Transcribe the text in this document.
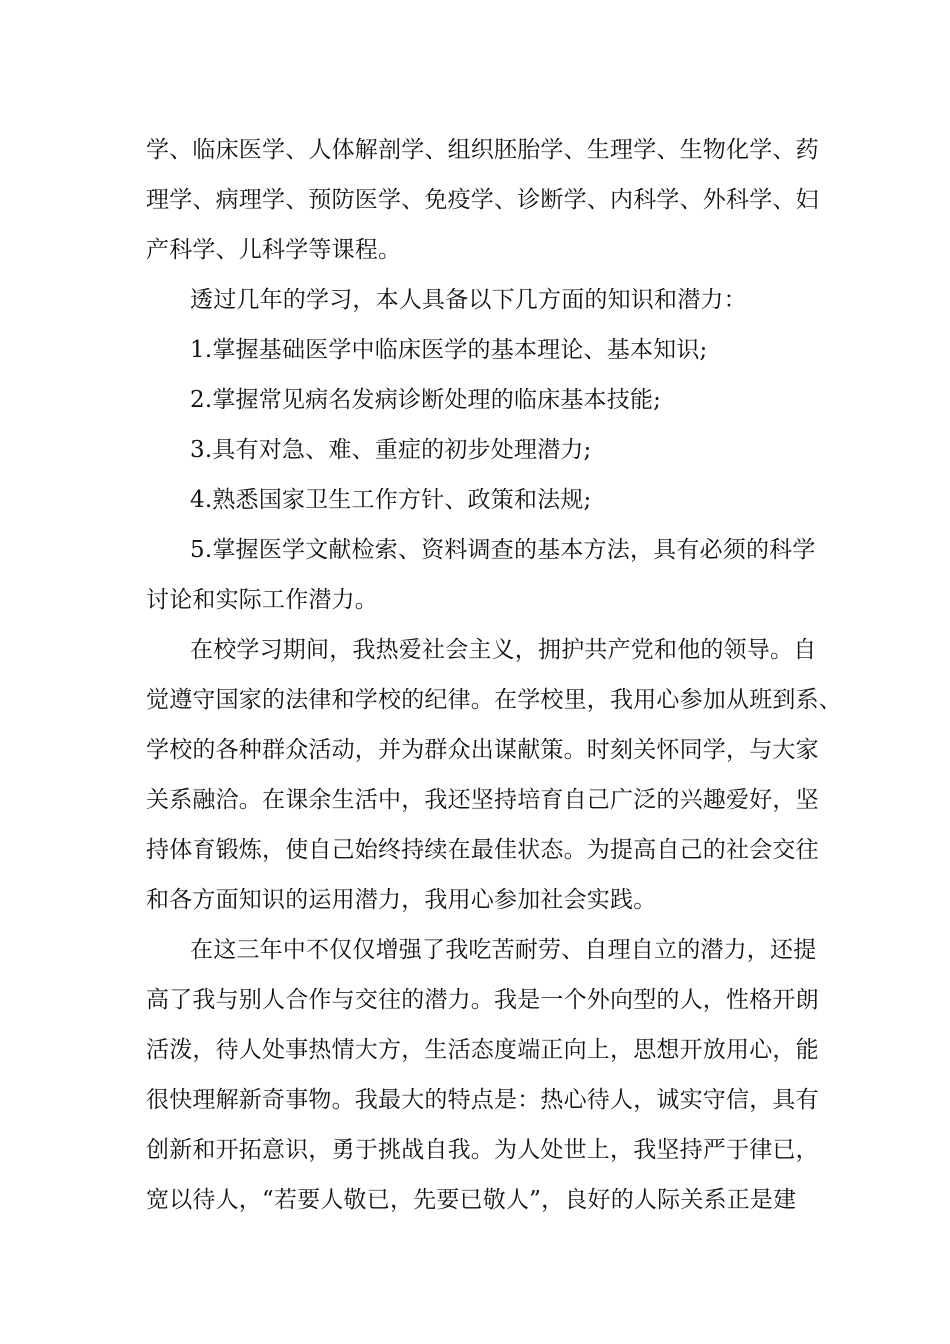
学、临床医学、人体解剖学、组织胚胎学、生理学、生物化学、药
理学、病理学、预防医学、免疫学、诊断学、内科学、外科学、妇
产科学、儿科学等课程。
透过几年的学习，本人具备以下几方面的知识和潜力：
1.掌握基础医学中临床医学的基本理论、基本知识;
2.掌握常见病名发病诊断处理的临床基本技能;
3.具有对急、难、重症的初步处理潜力;
4.熟悉国家卫生工作方针、政策和法规;
5.掌握医学文献检索、资料调查的基本方法，具有必须的科学
讨论和实际工作潜力。
在校学习期间，我热爱社会主义，拥护共产党和他的领导。自
觉遵守国家的法律和学校的纪律。在学校里，我用心参加从班到系、
学校的各种群众活动，并为群众出谋献策。时刻关怀同学，与大家
关系融洽。在课余生活中，我还坚持培育自己广泛的兴趣爱好，坚
持体育锻炼，使自己始终持续在最佳状态。为提高自己的社会交往
和各方面知识的运用潜力，我用心参加社会实践。
在这三年中不仅仅增强了我吃苦耐劳、自理自立的潜力，还提
高了我与别人合作与交往的潜力。我是一个外向型的人，性格开朗
活泼，待人处事热情大方，生活态度端正向上，思想开放用心，能
很快理解新奇事物。我最大的特点是：热心待人，诚实守信，具有
创新和开拓意识，勇于挑战自我。为人处世上，我坚持严于律已，
宽以待人，“若要人敬已，先要已敬人”，良好的人际关系正是建
